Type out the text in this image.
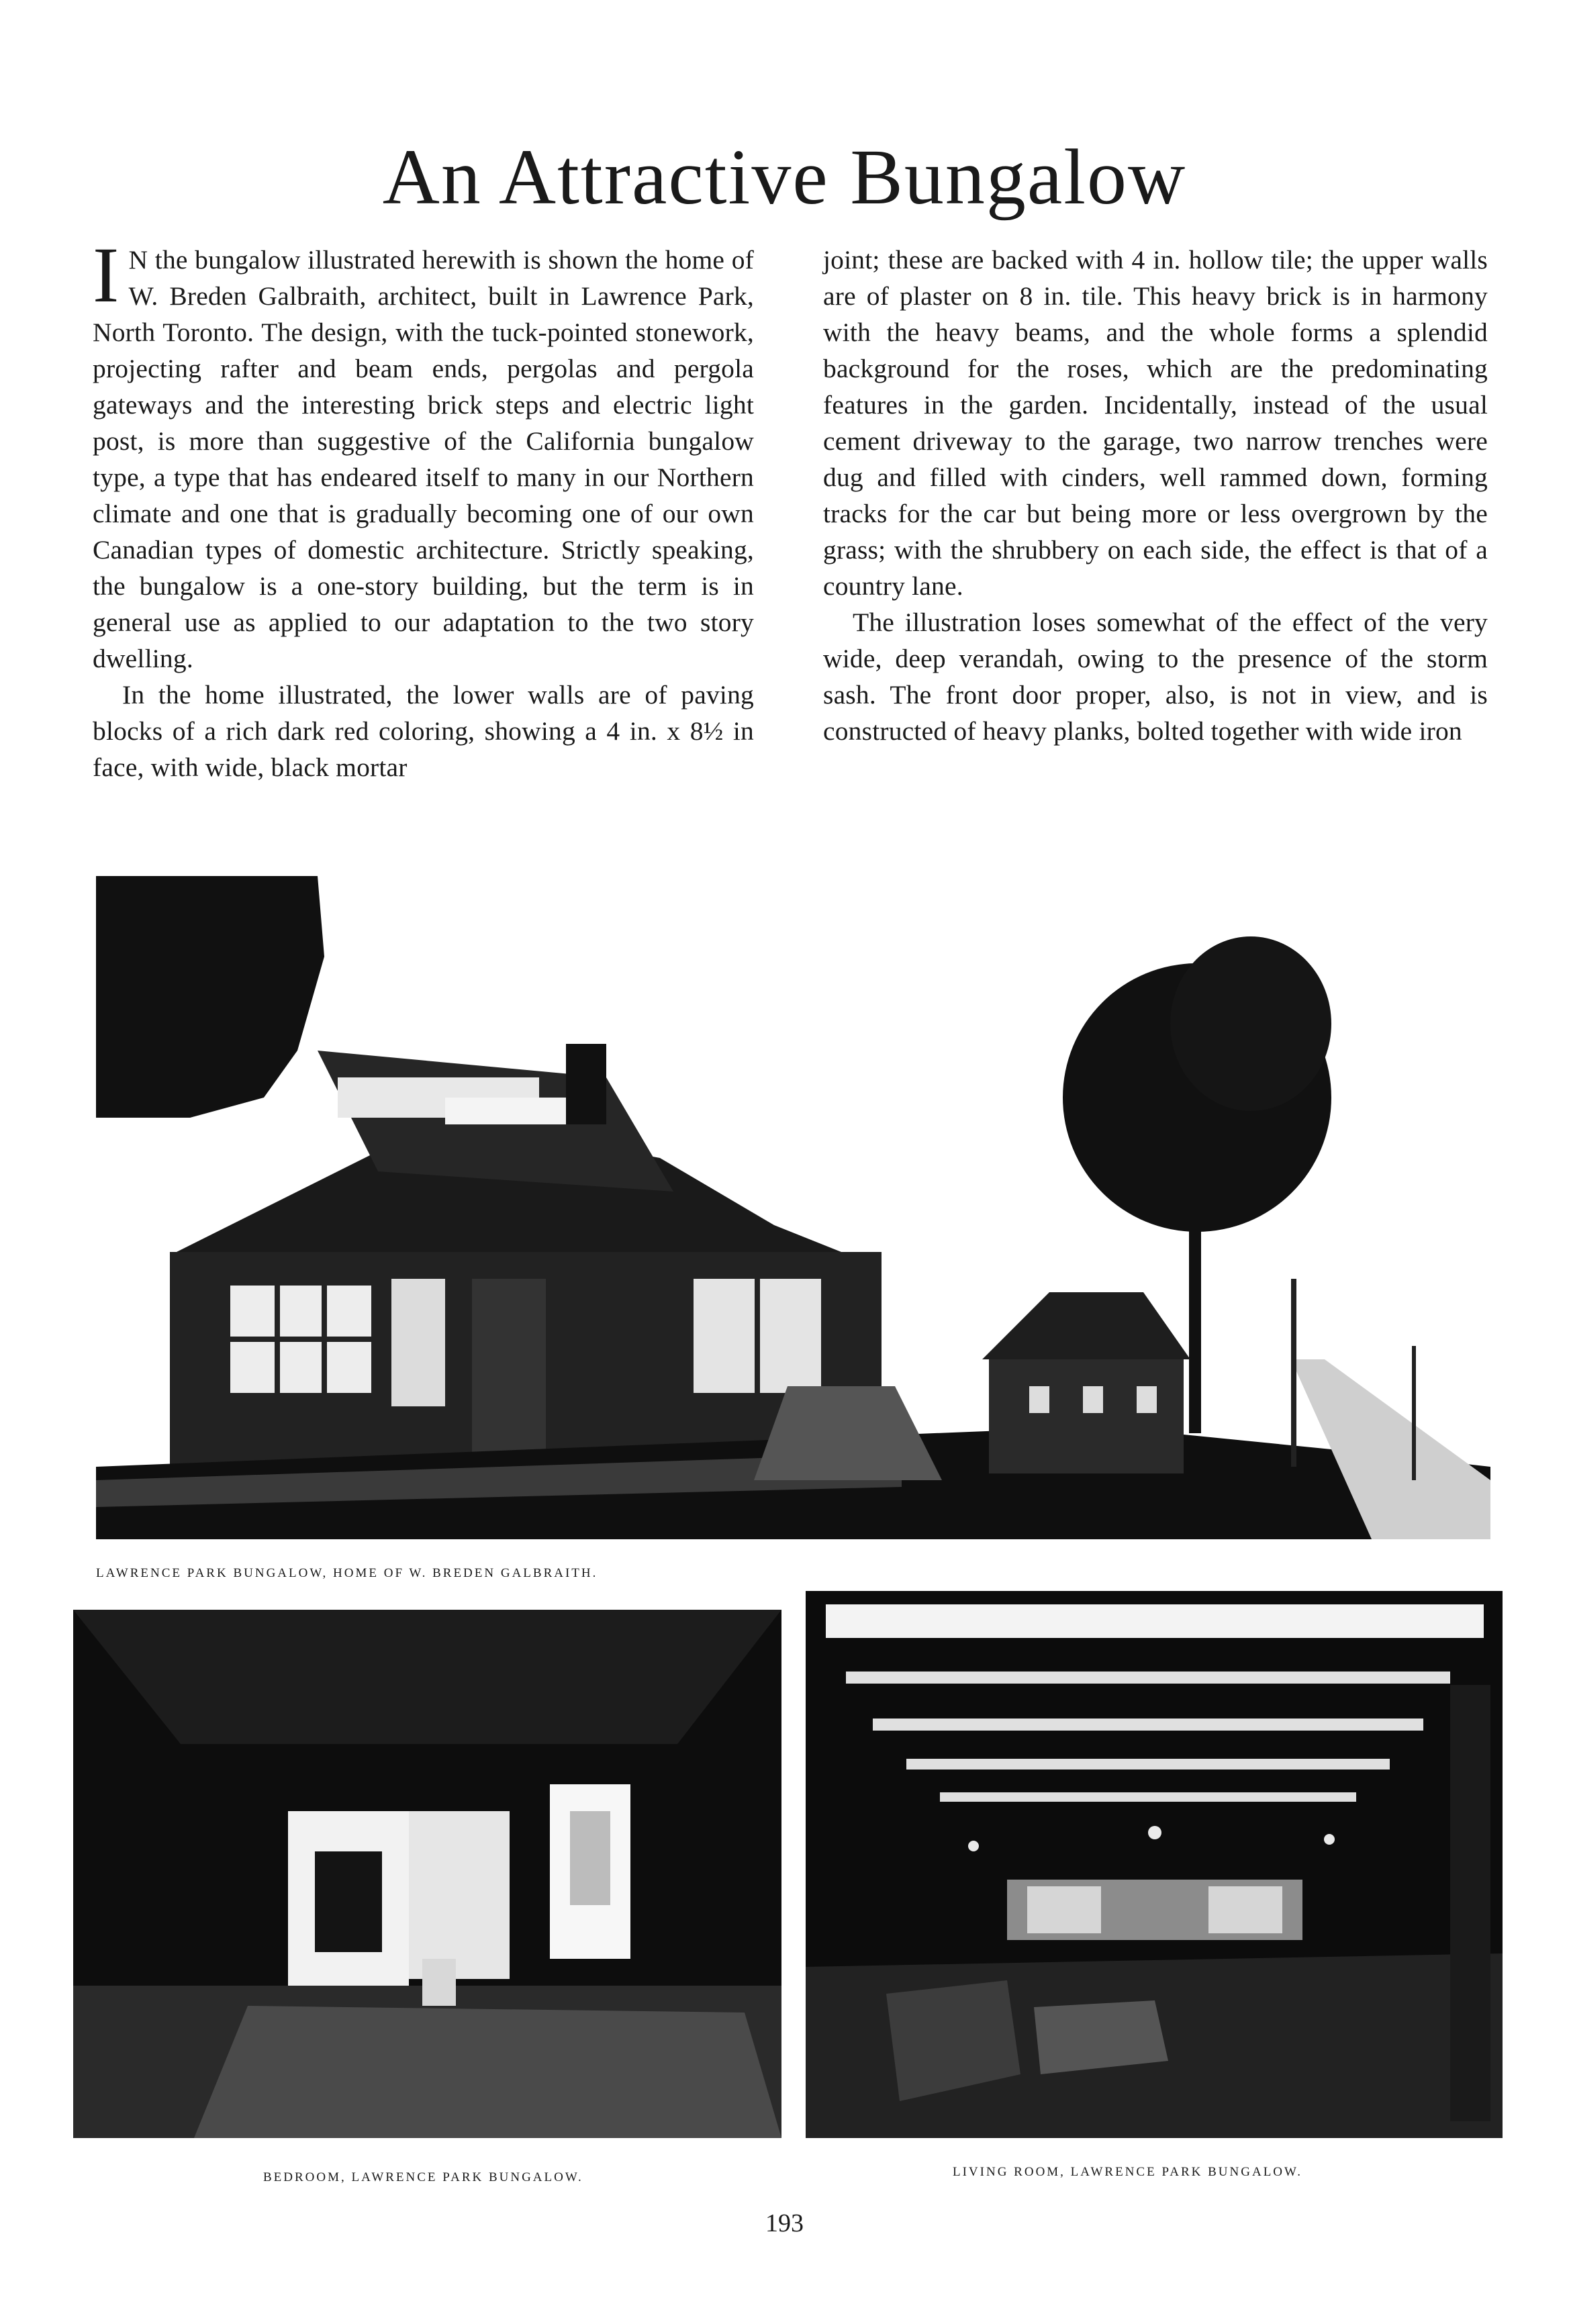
An Attractive Bungalow

I N the bungalow illustrated herewith is shown the home of W. Breden Galbraith, architect, built in Lawrence Park, North Toronto. The design, with the tuck-pointed stonework, projecting rafter and beam ends, pergolas and pergola gateways and the interesting brick steps and electric light post, is more than suggestive of the California bungalow type, a type that has endeared itself to many in our Northern climate and one that is gradually becoming one of our own Canadian types of domestic architecture. Strictly speaking, the bungalow is a one-story building, but the term is in general use as applied to our adaptation to the two story dwelling.

In the home illustrated, the lower walls are of paving blocks of a rich dark red coloring, showing a 4 in. x 8½ in face, with wide, black mortar

joint; these are backed with 4 in. hollow tile; the upper walls are of plaster on 8 in. tile. This heavy brick is in harmony with the heavy beams, and the whole forms a splendid background for the roses, which are the predominating features in the garden. Incidentally, instead of the usual cement driveway to the garage, two narrow trenches were dug and filled with cinders, well rammed down, forming tracks for the car but being more or less overgrown by the grass; with the shrubbery on each side, the effect is that of a country lane.

The illustration loses somewhat of the effect of the very wide, deep verandah, owing to the presence of the storm sash. The front door proper, also, is not in view, and is constructed of heavy planks, bolted together with wide iron

LAWRENCE PARK BUNGALOW, HOME OF W. BREDEN GALBRAITH.
BEDROOM, LAWRENCE PARK BUNGALOW.	LIVING ROOM, LAWRENCE PARK BUNGALOW.
193
